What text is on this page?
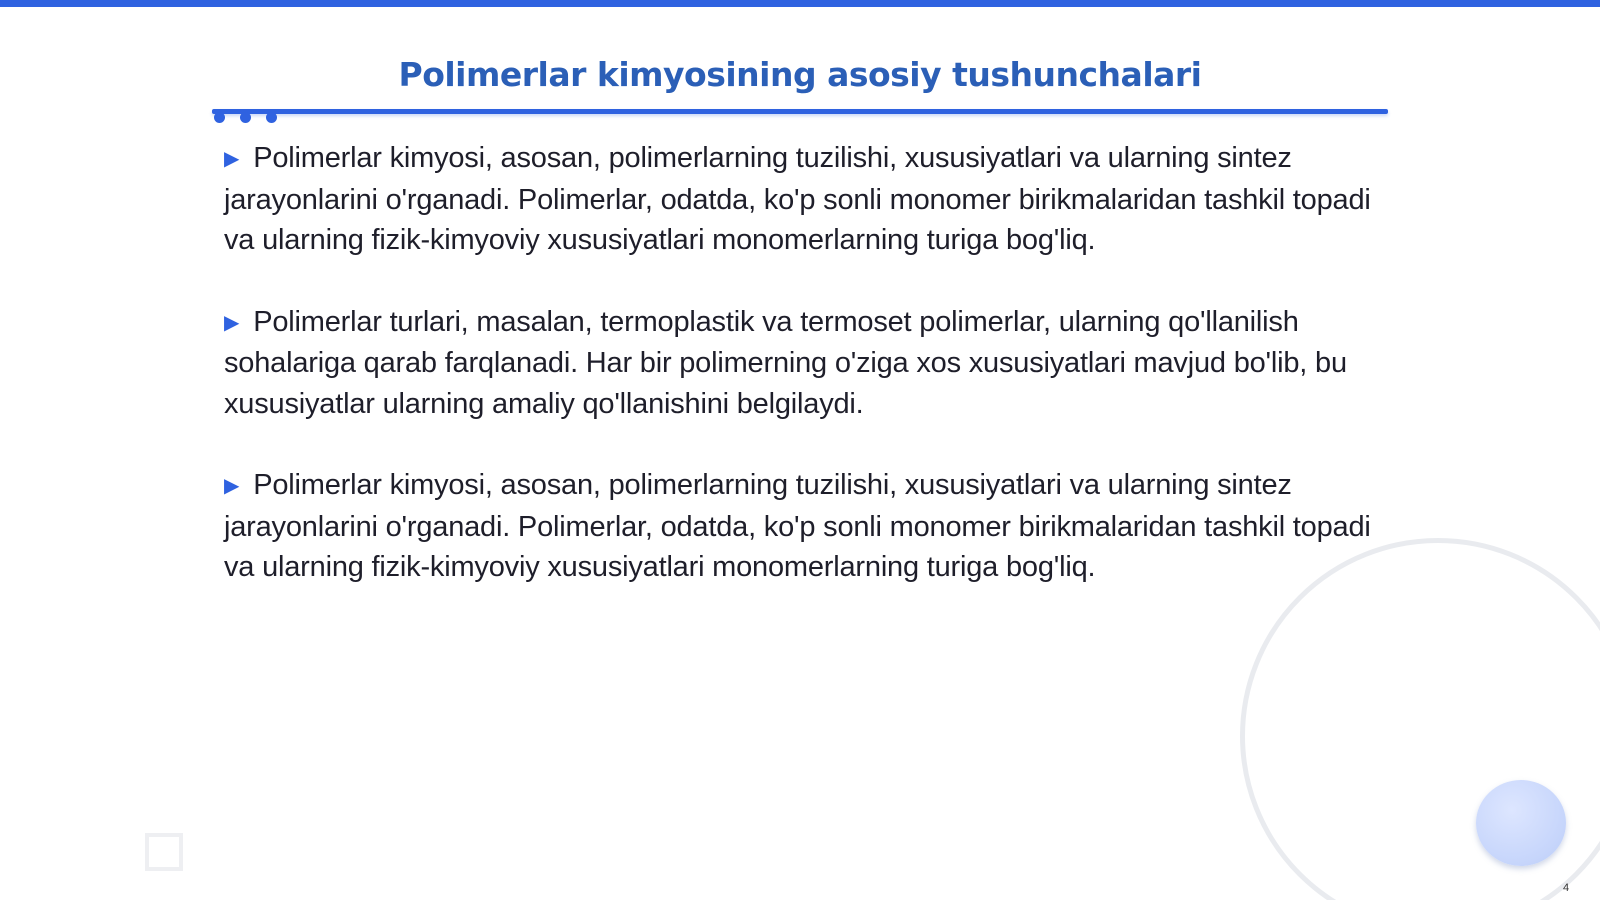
Polimerlar kimyosining asosiy tushunchalari

▶ Polimerlar kimyosi, asosan, polimerlarning tuzilishi, xususiyatlari va ularning sintez jarayonlarini o'rganadi. Polimerlar, odatda, ko'p sonli monomer birikmalaridan tashkil topadi va ularning fizik-kimyoviy xususiyatlari monomerlarning turiga bog'liq.

▶ Polimerlar turlari, masalan, termoplastik va termoset polimerlar, ularning qo'llanilish sohalariga qarab farqlanadi. Har bir polimerning o'ziga xos xususiyatlari mavjud bo'lib, bu xususiyatlar ularning amaliy qo'llanishini belgilaydi.

▶ Polimerlar kimyosi, asosan, polimerlarning tuzilishi, xususiyatlari va ularning sintez jarayonlarini o'rganadi. Polimerlar, odatda, ko'p sonli monomer birikmalaridan tashkil topadi va ularning fizik-kimyoviy xususiyatlari monomerlarning turiga bog'liq.

4
